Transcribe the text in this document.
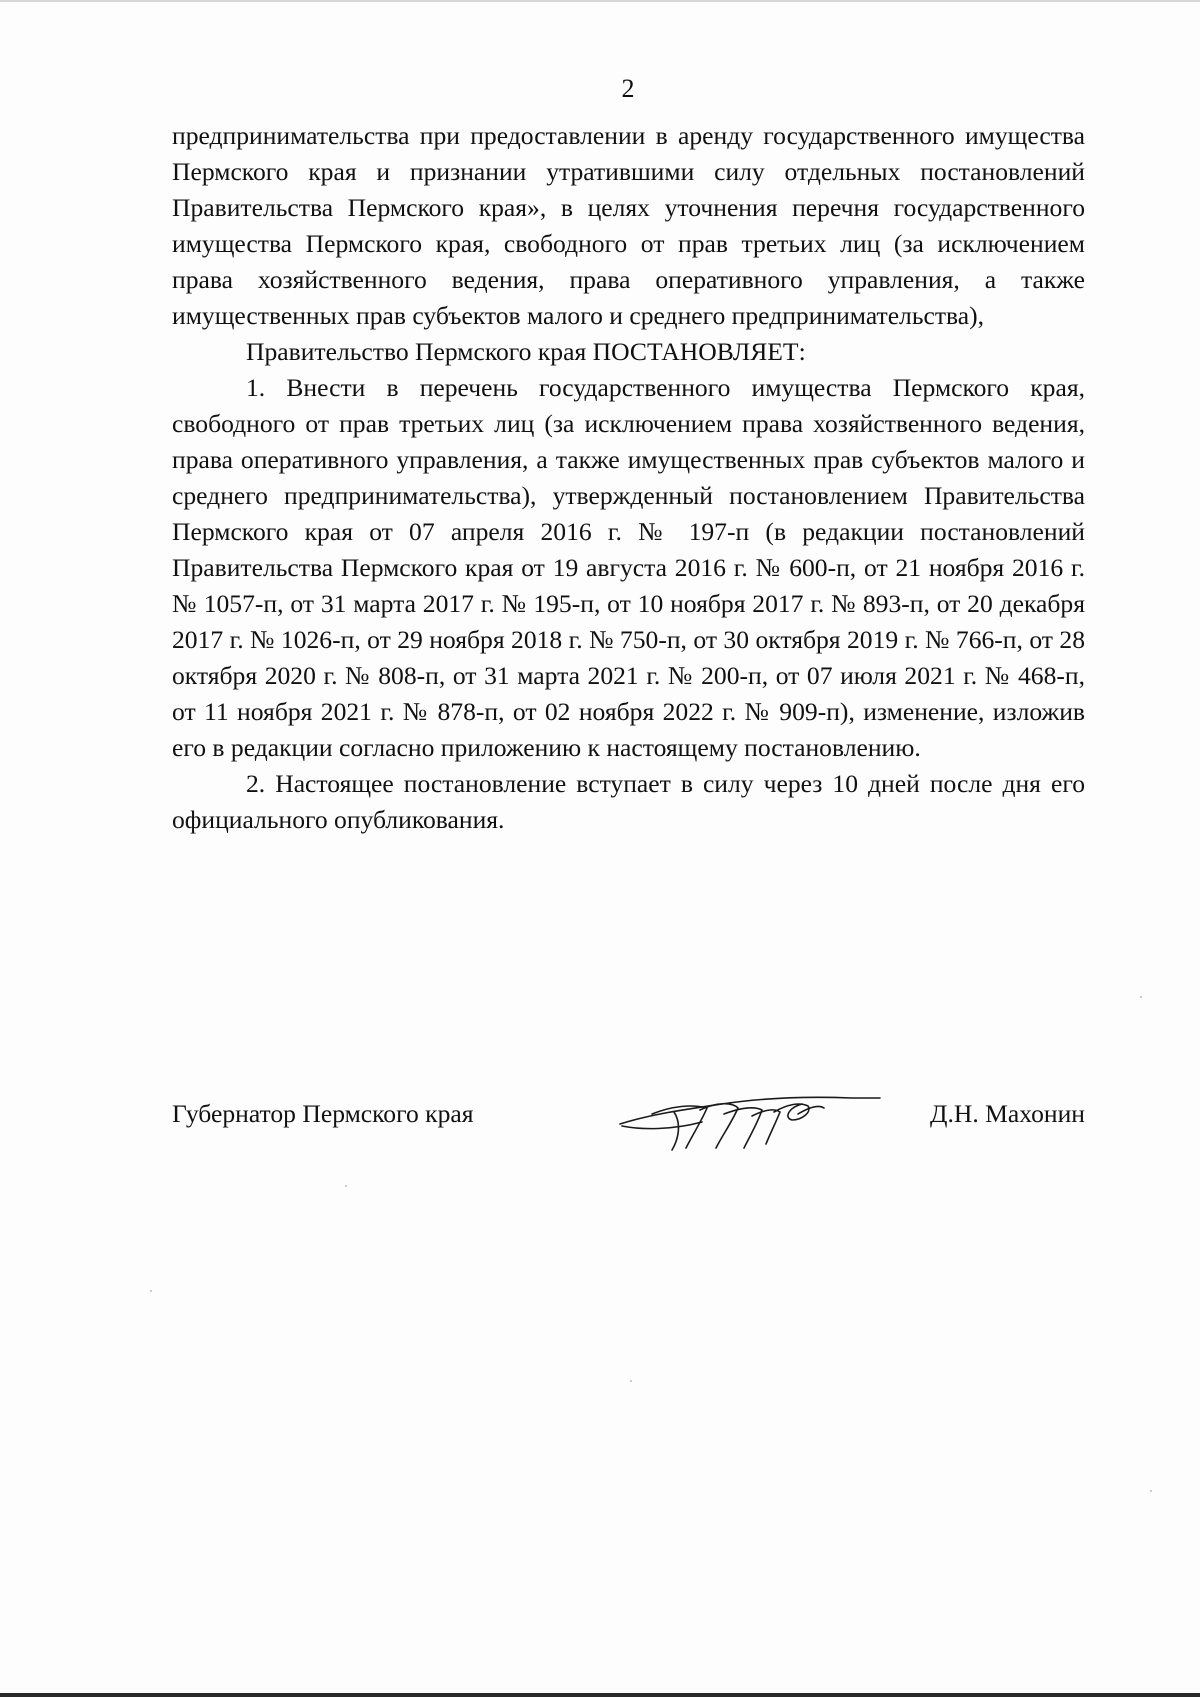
2

предпринимательства при предоставлении в аренду государственного имущества Пермского края и признании утратившими силу отдельных постановлений Правительства Пермского края», в целях уточнения перечня государственного имущества Пермского края, свободного от прав третьих лиц (за исключением права хозяйственного ведения, права оперативного управления, а также имущественных прав субъектов малого и среднего предпринимательства),

Правительство Пермского края ПОСТАНОВЛЯЕТ:

1. Внести в перечень государственного имущества Пермского края, свободного от прав третьих лиц (за исключением права хозяйственного ведения, права оперативного управления, а также имущественных прав субъектов малого и среднего предпринимательства), утвержденный постановлением Правительства Пермского края от 07 апреля 2016 г. № 197-п (в редакции постановлений Правительства Пермского края от 19 августа 2016 г. № 600-п, от 21 ноября 2016 г. № 1057-п, от 31 марта 2017 г. № 195-п, от 10 ноября 2017 г. № 893-п, от 20 декабря 2017 г. № 1026-п, от 29 ноября 2018 г. № 750-п, от 30 октября 2019 г. № 766-п, от 28 октября 2020 г. № 808-п, от 31 марта 2021 г. № 200-п, от 07 июля 2021 г. № 468-п, от 11 ноября 2021 г. № 878-п, от 02 ноября 2022 г. № 909-п), изменение, изложив его в редакции согласно приложению к настоящему постановлению.

2. Настоящее постановление вступает в силу через 10 дней после дня его официального опубликования.

Губернатор Пермского края	Д.Н. Махонин
